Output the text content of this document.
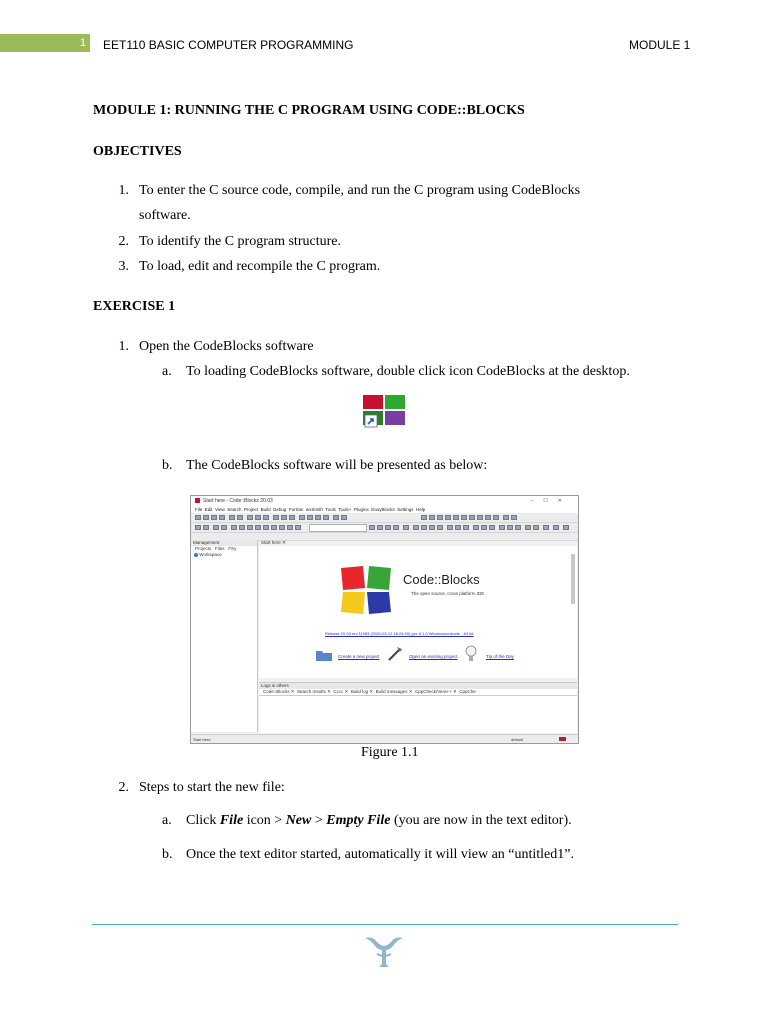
1 EET110 BASIC COMPUTER PROGRAMMING	MODULE 1
MODULE 1: RUNNING THE C PROGRAM USING CODE::BLOCKS
OBJECTIVES
1. To enter the C source code, compile, and run the C program using CodeBlocks
software.
2. To identify the C program structure.
3. To load, edit and recompile the C program.
EXERCISE 1
1. Open the CodeBlocks software
a. To loading CodeBlocks software, double click icon CodeBlocks at the desktop.
b. The CodeBlocks software will be presented as below:
Start here - Code::Blocks 20.03	–☐✕
File Edit View Search Project Build Debug Fortran wxSmith Tools Tools+ Plugins DoxyBlocks Settings Help
Management
Projects Files FSy
Workspace
Start here ✕
Code::Blocks
The open source, cross platform IDE
Release 20.03 rev 11983 (2020-03-12 18:24:30) gcc 8.1.0 Windows/unicode - 64 bit
Create a new project	Open an existing project	Tip of the Day
Logs & others
Code::Blocks ✕  Search results ✕  Cccc ✕  Build log ✕  Build messages ✕  CppCheck/Vera++ ✕  CppChe
Start here	default
Figure 1.1
2. Steps to start the new file:
a. Click File icon > New > Empty File (you are now in the text editor).
b. Once the text editor started, automatically it will view an “untitled1”.
